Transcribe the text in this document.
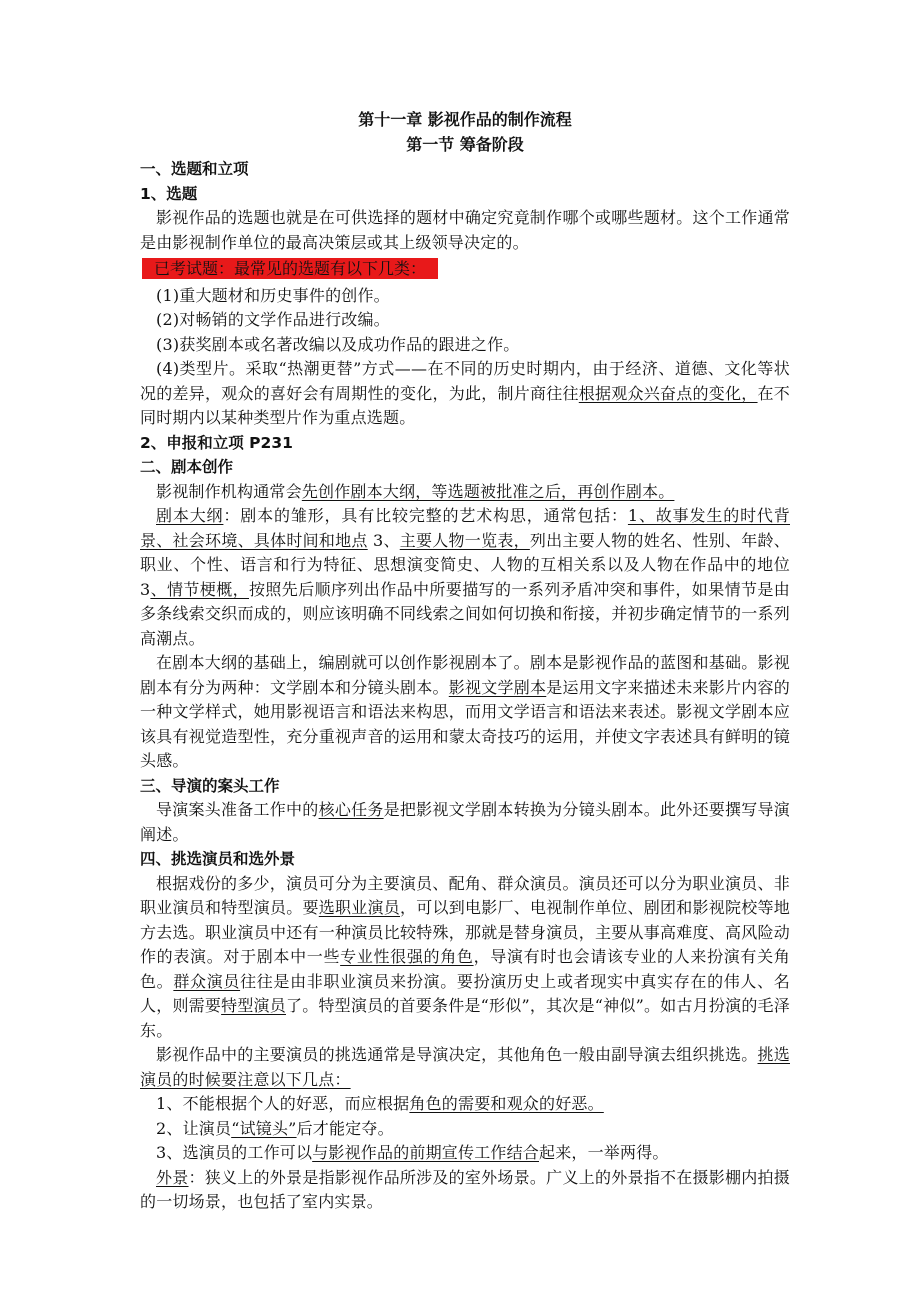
第十一章 影视作品的制作流程
第一节 筹备阶段
一、选题和立项
1、选题

影视作品的选题也就是在可供选择的题材中确定究竟制作哪个或哪些题材。这个工作通常是由影视制作单位的最高决策层或其上级领导决定的。

已考试题：最常见的选题有以下几类：

(1)重大题材和历史事件的创作。

(2)对畅销的文学作品进行改编。

(3)获奖剧本或名著改编以及成功作品的跟进之作。

(4)类型片。采取“热潮更替”方式——在不同的历史时期内，由于经济、道德、文化等状况的差异，观众的喜好会有周期性的变化，为此，制片商往往根据观众兴奋点的变化，在不同时期内以某种类型片作为重点选题。

2、申报和立项 P231
二、剧本创作

影视制作机构通常会先创作剧本大纲，等选题被批准之后，再创作剧本。

剧本大纲：剧本的雏形，具有比较完整的艺术构思，通常包括：1、故事发生的时代背景、社会环境、具体时间和地点 3、主要人物一览表，列出主要人物的姓名、性别、年龄、职业、个性、语言和行为特征、思想演变简史、人物的互相关系以及人物在作品中的地位 3、情节梗概，按照先后顺序列出作品中所要描写的一系列矛盾冲突和事件，如果情节是由多条线索交织而成的，则应该明确不同线索之间如何切换和衔接，并初步确定情节的一系列高潮点。

在剧本大纲的基础上，编剧就可以创作影视剧本了。剧本是影视作品的蓝图和基础。影视剧本有分为两种：文学剧本和分镜头剧本。影视文学剧本是运用文字来描述未来影片内容的一种文学样式，她用影视语言和语法来构思，而用文学语言和语法来表述。影视文学剧本应该具有视觉造型性，充分重视声音的运用和蒙太奇技巧的运用，并使文字表述具有鲜明的镜头感。

三、导演的案头工作

导演案头准备工作中的核心任务是把影视文学剧本转换为分镜头剧本。此外还要撰写导演阐述。

四、挑选演员和选外景

根据戏份的多少，演员可分为主要演员、配角、群众演员。演员还可以分为职业演员、非职业演员和特型演员。要选职业演员，可以到电影厂、电视制作单位、剧团和影视院校等地方去选。职业演员中还有一种演员比较特殊，那就是替身演员，主要从事高难度、高风险动作的表演。对于剧本中一些专业性很强的角色，导演有时也会请该专业的人来扮演有关角色。群众演员往往是由非职业演员来扮演。要扮演历史上或者现实中真实存在的伟人、名人，则需要特型演员了。特型演员的首要条件是“形似”，其次是“神似”。如古月扮演的毛泽东。

影视作品中的主要演员的挑选通常是导演决定，其他角色一般由副导演去组织挑选。挑选演员的时候要注意以下几点：

1、不能根据个人的好恶，而应根据角色的需要和观众的好恶。

2、让演员“试镜头”后才能定夺。

3、选演员的工作可以与影视作品的前期宣传工作结合起来，一举两得。

外景：狭义上的外景是指影视作品所涉及的室外场景。广义上的外景指不在摄影棚内拍摄的一切场景，也包括了室内实景。
